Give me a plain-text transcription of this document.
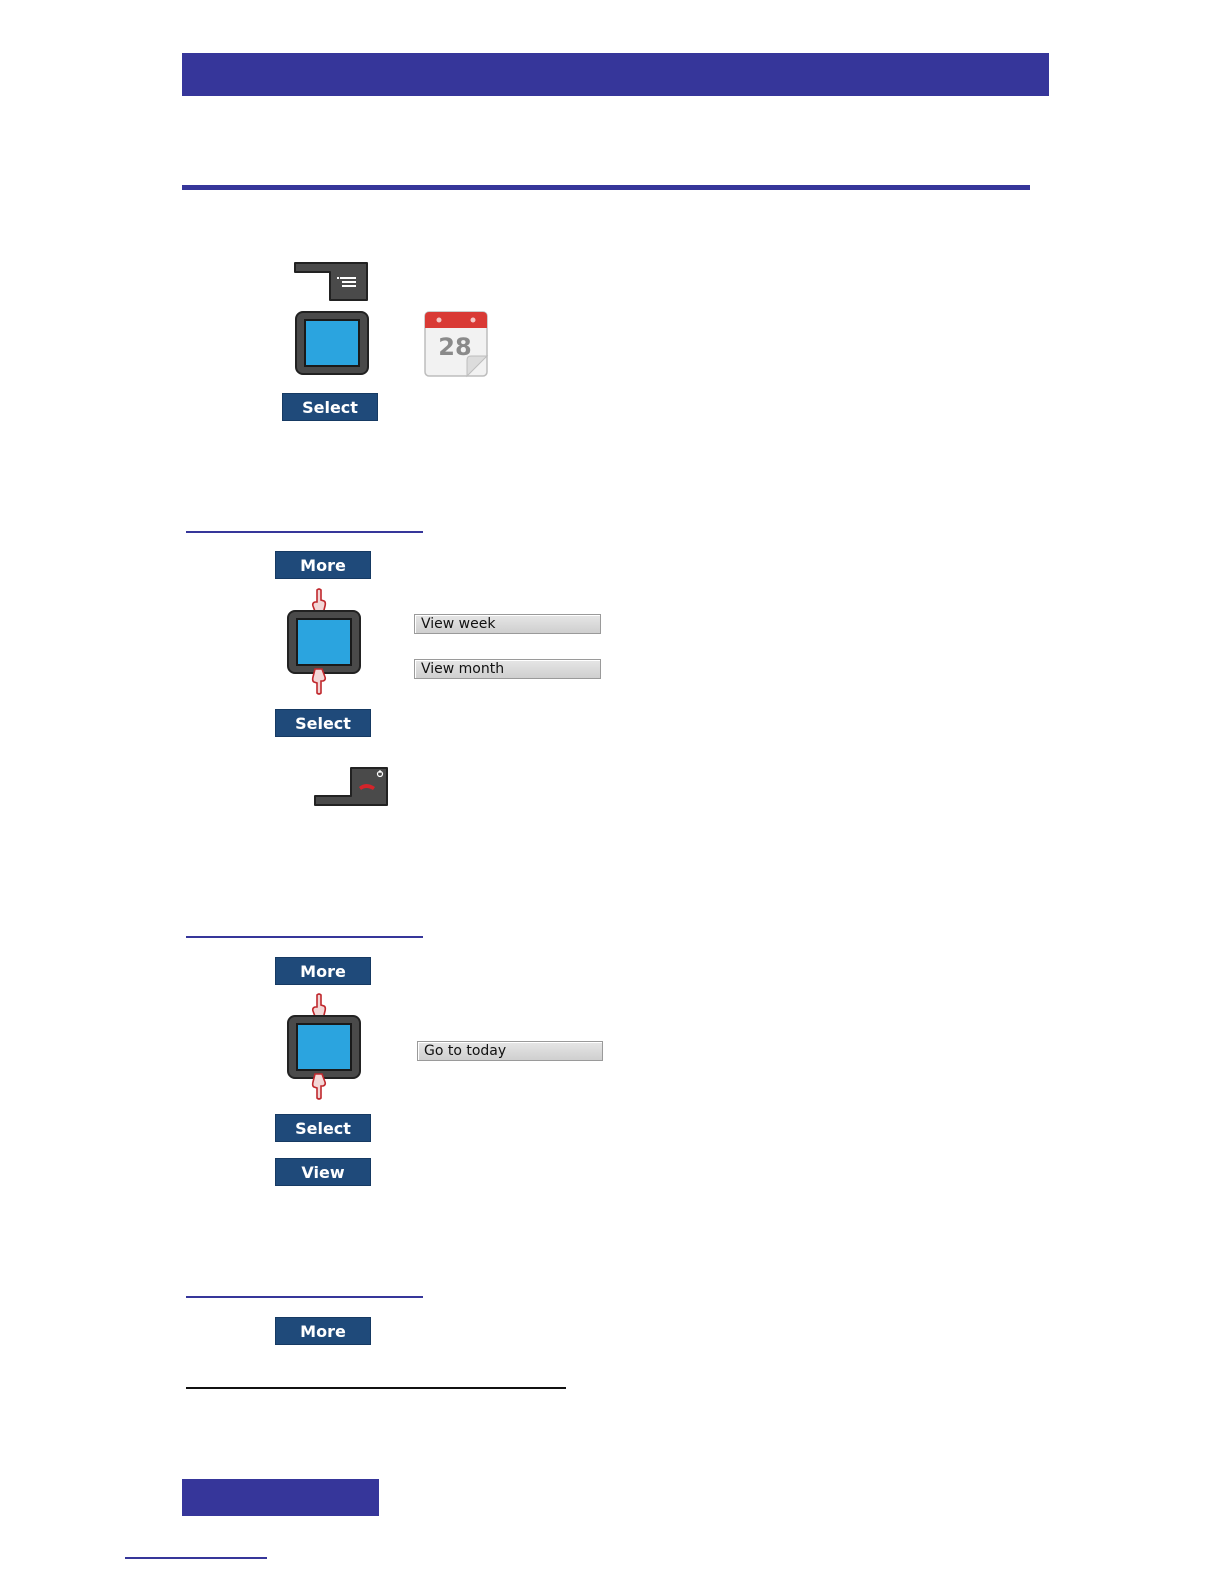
28
Select
More
View week
View month
Select
More
Go to today
Select
View
More
